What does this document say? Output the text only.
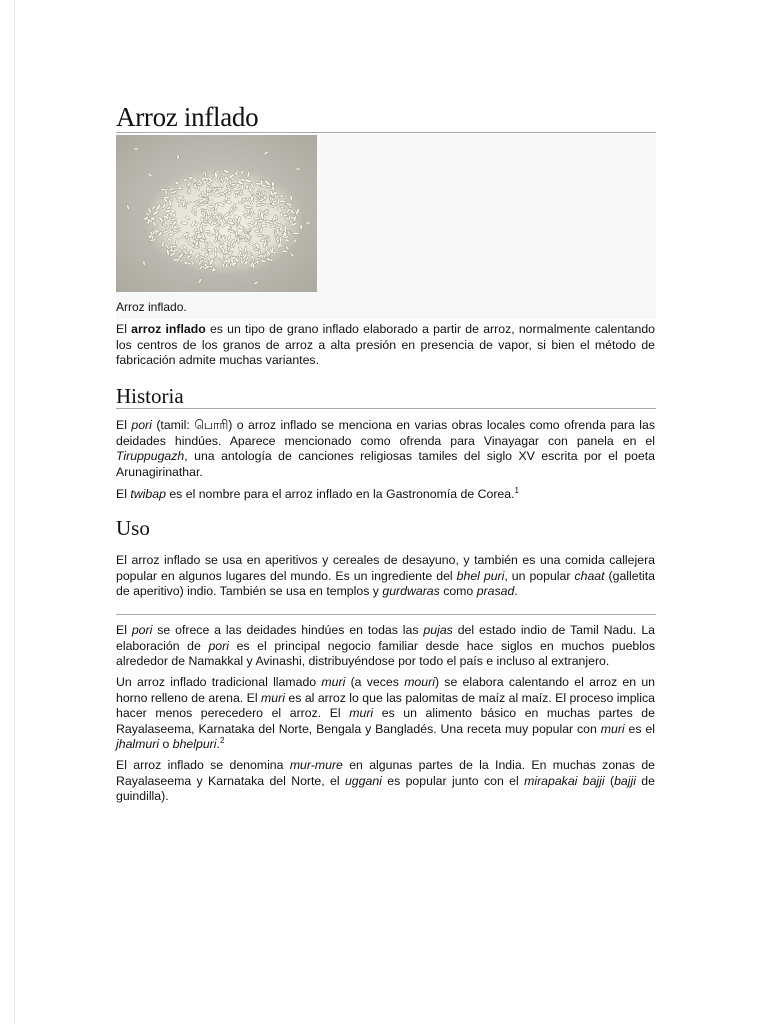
Arroz inflado
Arroz inflado.
El arroz inflado es un tipo de grano inflado elaborado a partir de arroz, normalmente calentando los centros de los granos de arroz a alta presión en presencia de vapor, si bien el método de fabricación admite muchas variantes.
Historia
El pori (tamil: பொரி) o arroz inflado se menciona en varias obras locales como ofrenda para las deidades hindúes. Aparece mencionado como ofrenda para Vinayagar con panela en el Tiruppugazh, una antología de canciones religiosas tamiles del siglo XV escrita por el poeta Arunagirinathar.
El twibap es el nombre para el arroz inflado en la Gastronomía de Corea.$^1$
Uso
El arroz inflado se usa en aperitivos y cereales de desayuno, y también es una comida callejera popular en algunos lugares del mundo. Es un ingrediente del bhel puri, un popular chaat (galletita de aperitivo) indio. También se usa en templos y gurdwaras como prasad.
El pori se ofrece a las deidades hindúes en todas las pujas del estado indio de Tamil Nadu. La elaboración de pori es el principal negocio familiar desde hace siglos en muchos pueblos alrededor de Namakkal y Avinashi, distribuyéndose por todo el país e incluso al extranjero.
Un arroz inflado tradicional llamado muri (a veces mouri) se elabora calentando el arroz en un horno relleno de arena. El muri es al arroz lo que las palomitas de maíz al maíz. El proceso implica hacer menos perecedero el arroz. El muri es un alimento básico en muchas partes de Rayalaseema, Karnataka del Norte, Bengala y Bangladés. Una receta muy popular con muri es el jhalmuri o bhelpuri.$^2$
El arroz inflado se denomina mur-mure en algunas partes de la India. En muchas zonas de Rayalaseema y Karnataka del Norte, el uggani es popular junto con el mirapakai bajji (bajji de guindilla).
